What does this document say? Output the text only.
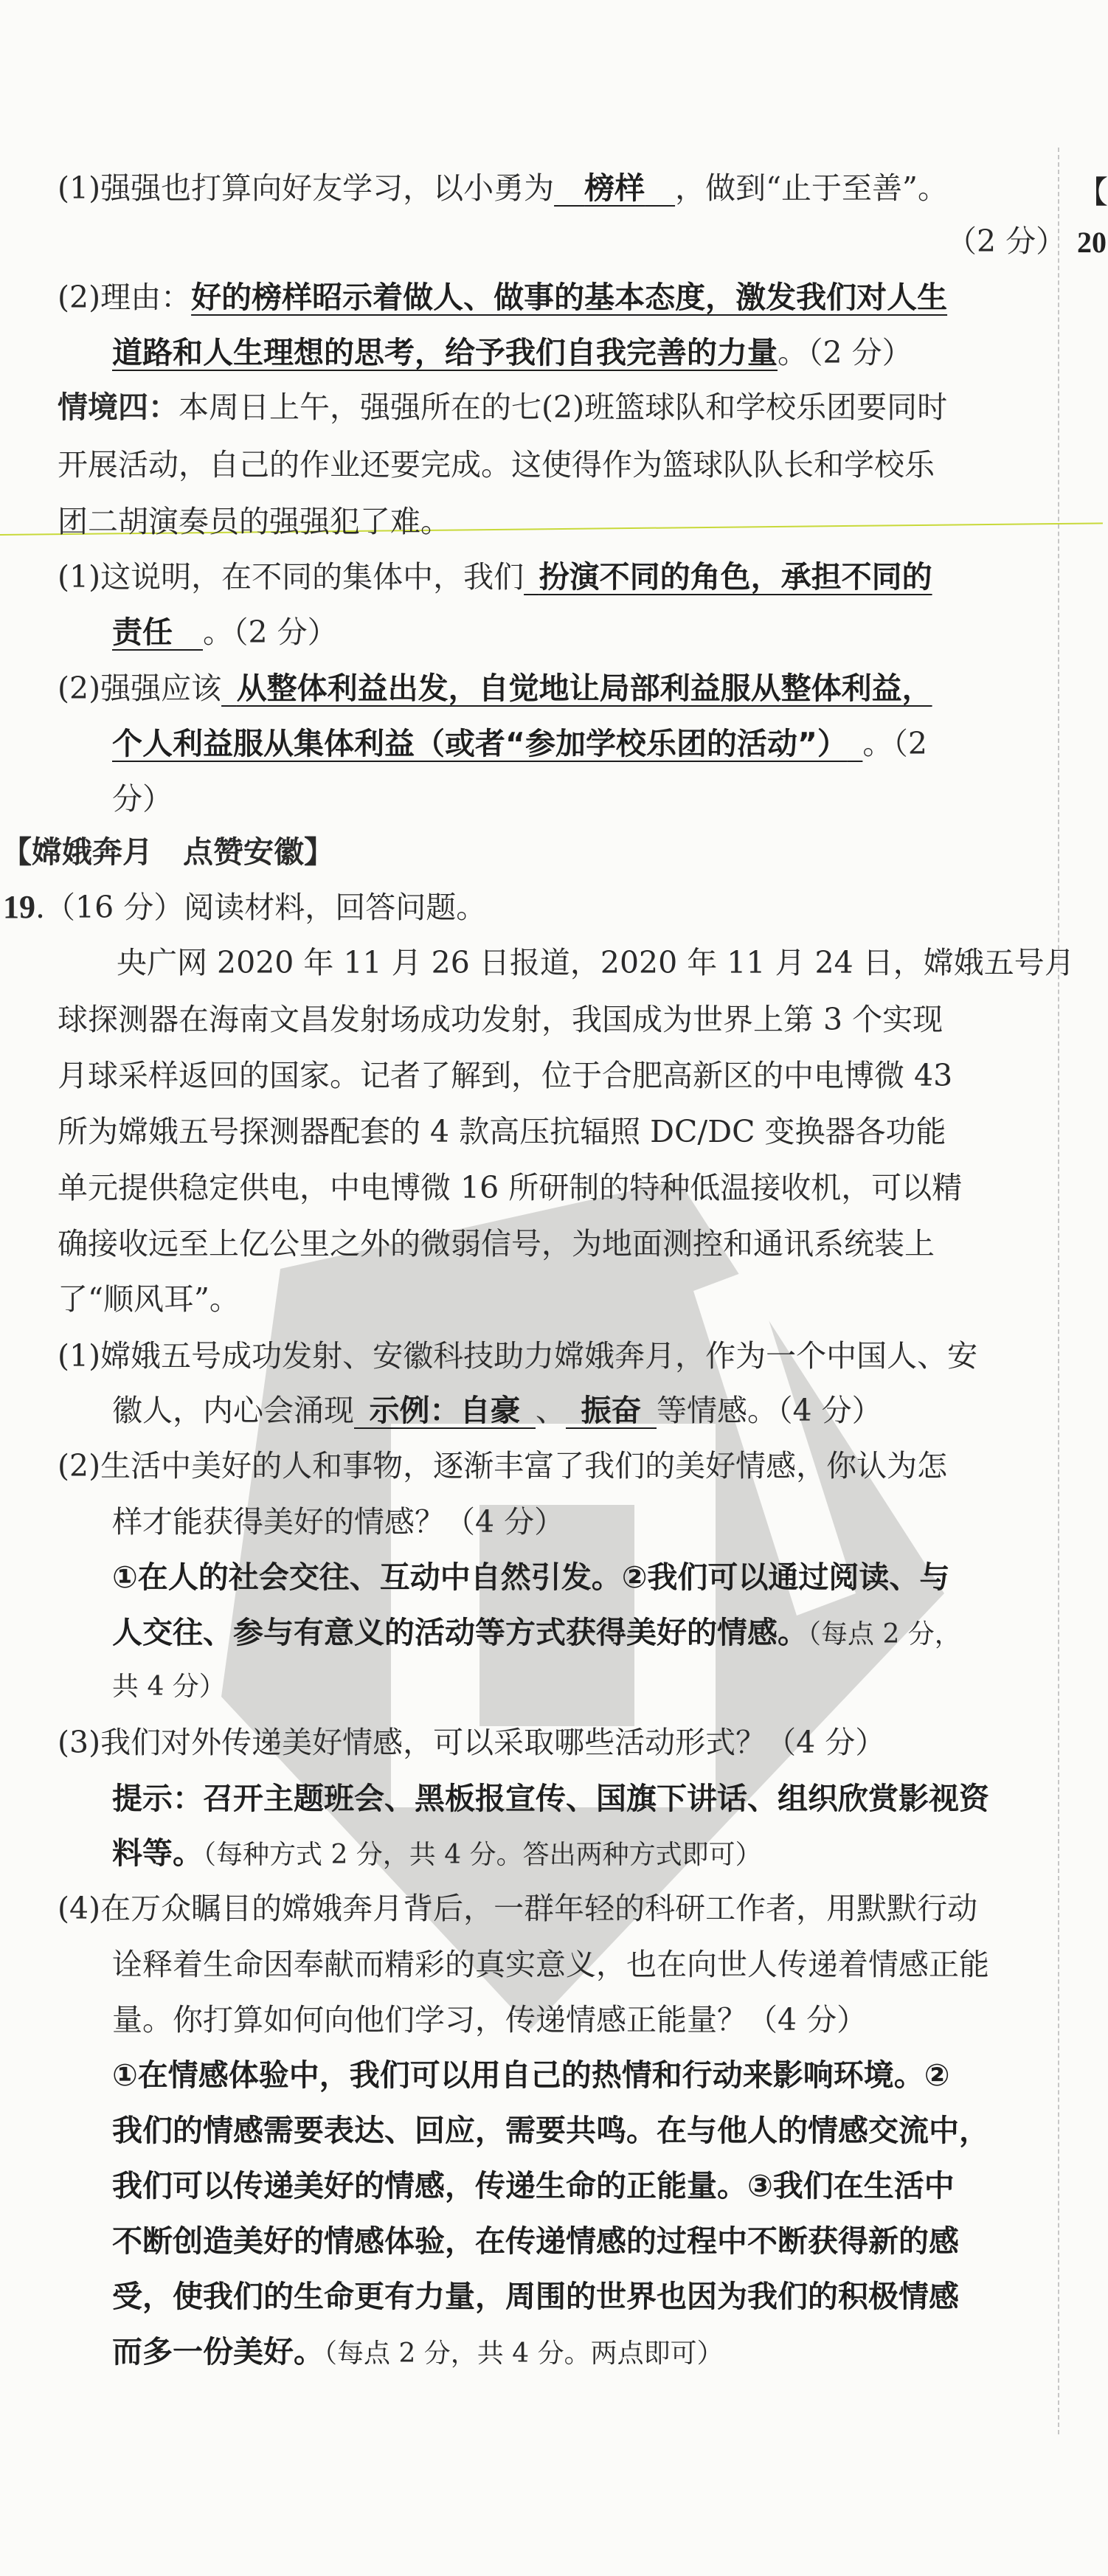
【
20
(1)强强也打算向好友学习，以小勇为   榜样   ，做到“止于至善”。
（2 分）
(2)理由：好的榜样昭示着做人、做事的基本态度，激发我们对人生
道路和人生理想的思考，给予我们自我完善的力量。（2 分）
情境四：本周日上午，强强所在的七(2)班篮球队和学校乐团要同时
开展活动，自己的作业还要完成。这使得作为篮球队队长和学校乐
团二胡演奏员的强强犯了难。
(1)这说明，在不同的集体中，我们  扮演不同的角色，承担不同的
责任   。（2 分）
(2)强强应该  从整体利益出发，自觉地让局部利益服从整体利益，
个人利益服从集体利益（或者“参加学校乐团的活动”）  。（2
分）
【嫦娥奔月　点赞安徽】
19.（16 分）阅读材料，回答问题。
央广网 2020 年 11 月 26 日报道，2020 年 11 月 24 日，嫦娥五号月
球探测器在海南文昌发射场成功发射，我国成为世界上第 3 个实现
月球采样返回的国家。记者了解到，位于合肥高新区的中电博微 43
所为嫦娥五号探测器配套的 4 款高压抗辐照 DC/DC 变换器各功能
单元提供稳定供电，中电博微 16 所研制的特种低温接收机，可以精
确接收远至上亿公里之外的微弱信号，为地面测控和通讯系统装上
了“顺风耳”。
(1)嫦娥五号成功发射、安徽科技助力嫦娥奔月，作为一个中国人、安
徽人，内心会涌现  示例：自豪  、  振奋  等情感。（4 分）
(2)生活中美好的人和事物，逐渐丰富了我们的美好情感，你认为怎
样才能获得美好的情感？（4 分）
①在人的社会交往、互动中自然引发。②我们可以通过阅读、与
人交往、参与有意义的活动等方式获得美好的情感。（每点 2 分，
共 4 分）
(3)我们对外传递美好情感，可以采取哪些活动形式？（4 分）
提示：召开主题班会、黑板报宣传、国旗下讲话、组织欣赏影视资
料等。（每种方式 2 分，共 4 分。答出两种方式即可）
(4)在万众瞩目的嫦娥奔月背后，一群年轻的科研工作者，用默默行动
诠释着生命因奉献而精彩的真实意义，也在向世人传递着情感正能
量。你打算如何向他们学习，传递情感正能量？（4 分）
①在情感体验中，我们可以用自己的热情和行动来影响环境。②
我们的情感需要表达、回应，需要共鸣。在与他人的情感交流中，
我们可以传递美好的情感，传递生命的正能量。③我们在生活中
不断创造美好的情感体验，在传递情感的过程中不断获得新的感
受，使我们的生命更有力量，周围的世界也因为我们的积极情感
而多一份美好。（每点 2 分，共 4 分。两点即可）
